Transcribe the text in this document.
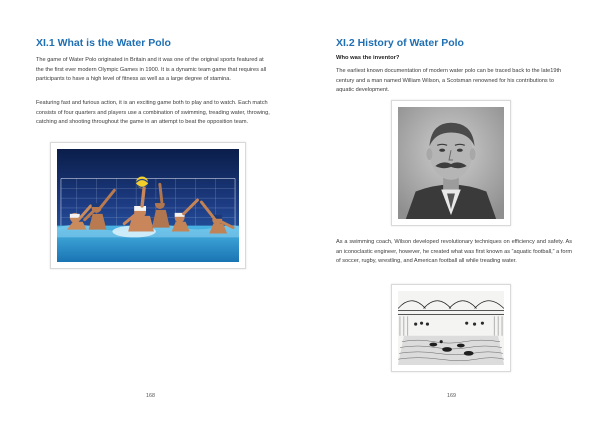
XI.1 What is the Water Polo
The game of Water Polo originated in Britain and it was one of the original sports featured at the the first ever modern Olympic Games in 1900. It is a dynamic team game that requires all participants to have a high level of fitness as well as a large degree of stamina.
Featuring fast and furious action, it is an exciting game both to play and to watch. Each match consists of four quarters and players use a combination of swimming, treading water, throwing, catching and shooting throughout the game in an attempt to beat the opposition team.
168
XI.2 History of Water Polo
Who was the inventor?
The earliest known documentation of modern water polo can be traced back to the late19th century and a man named William Wilson, a Scotsman renowned for his contributions to aquatic development.
As a swimming coach, Wilson developed revolutionary techniques on efficiency and safety. As an iconoclastic engineer, however, he created what was first known as “aquatic football,” a form of soccer, rugby, wrestling, and American football all while treading water.
169
